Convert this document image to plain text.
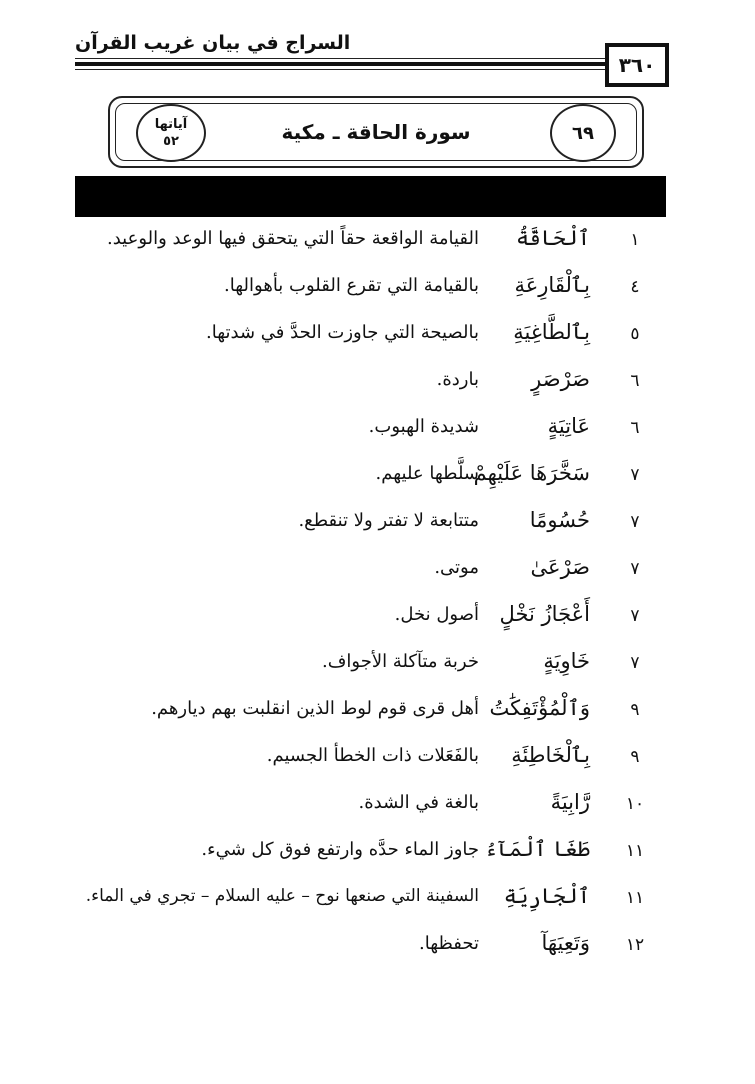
السراج في بيان غريب القرآن
٣٦٠
سورة الحاقة ـ مكية
آياتها
٥٢	٦٩
١
ٱلْحَاقَّةُ
القيامة الواقعة حقاً التي يتحقق فيها الوعد والوعيد.
٤
بِٱلْقَارِعَةِ
بالقيامة التي تقرع القلوب بأهوالها.
٥
بِٱلطَّاغِيَةِ
بالصيحة التي جاوزت الحدَّ في شدتها.
٦
صَرْصَرٍ
باردة.
٦
عَاتِيَةٍ
شديدة الهبوب.
٧
سَخَّرَهَا عَلَيْهِمْ
سلَّطها عليهم.
٧
حُسُومًا
متتابعة لا تفتر ولا تنقطع.
٧
صَرْعَىٰ
موتى.
٧
أَعْجَازُ نَخْلٍ
أصول نخل.
٧
خَاوِيَةٍ
خربة متآكلة الأجواف.
٩
وَٱلْمُؤْتَفِكَٰتُ
أهل قرى قوم لوط الذين انقلبت بهم ديارهم.
٩
بِٱلْخَاطِئَةِ
بالفَعَلات ذات الخطأ الجسيم.
١٠
رَّابِيَةً
بالغة في الشدة.
١١
طَغَا ٱلْمَآءُ
جاوز الماء حدَّه وارتفع فوق كل شيء.
١١
ٱلْجَارِيَةِ
السفينة التي صنعها نوح – عليه السلام – تجري في الماء.
١٢
وَتَعِيَهَآ
تحفظها.
